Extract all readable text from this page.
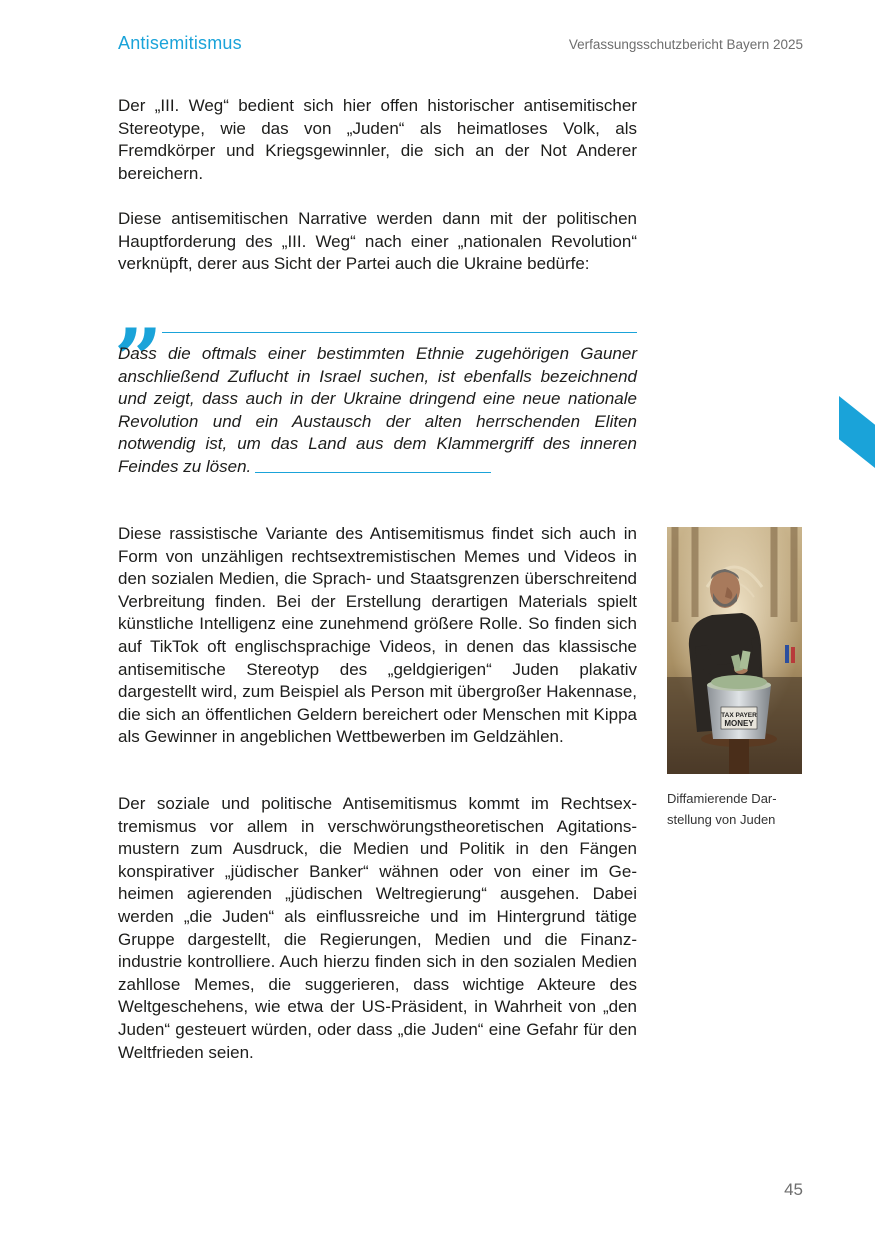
Antisemitismus	Verfassungsschutzbericht Bayern 2025

Der „III. Weg“ bedient sich hier offen historischer antisemitischer Stereotype, wie das von „Juden“ als heimatloses Volk, als Fremdkörper und Kriegsgewinnler, die sich an der Not Anderer bereichern.

Diese antisemitischen Narrative werden dann mit der politischen Hauptforderung des „III. Weg“ nach einer „nationalen Revolution“ verknüpft, derer aus Sicht der Partei auch die Ukraine bedürfe:

”
Dass die oftmals einer bestimmten Ethnie zugehörigen Gauner anschließend Zuflucht in Israel suchen, ist ebenfalls bezeichnend und zeigt, dass auch in der Ukraine dringend eine neue nationale Revolution und ein Austausch der alten herrschenden Eliten notwendig ist, um das Land aus dem Klammergriff des inneren Feindes zu lösen.

Diese rassistische Variante des Antisemitismus findet sich auch in Form von unzähligen rechtsextremistischen Memes und Videos in den sozialen Medien, die Sprach- und Staatsgrenzen überschreitend Verbreitung finden. Bei der Erstellung derartigen Materials spielt künstliche Intelligenz eine zunehmend größere Rolle. So finden sich auf TikTok oft englischsprachige Videos, in denen das klassische antisemitische Stereotyp des „geldgierigen“ Juden plakativ dargestellt wird, zum Beispiel als Person mit übergroßer Hakennase, die sich an öffentlichen Geldern bereichert oder Menschen mit Kippa als Gewinner in angeblichen Wettbewerben im Geldzählen.

Der soziale und politische Antisemitismus kommt im Rechtsextremismus vor allem in verschwörungstheoretischen Agitationsmustern zum Ausdruck, die Medien und Politik in den Fängen konspirativer „jüdischer Banker“ wähnen oder von einer im Geheimen agierenden „jüdischen Weltregierung“ ausgehen. Dabei werden „die Juden“ als einflussreiche und im Hintergrund tätige Gruppe dargestellt, die Regierungen, Medien und die Finanzindustrie kontrolliere. Auch hierzu finden sich in den sozialen Medien zahllose Memes, die suggerieren, dass wichtige Akteure des Weltgeschehens, wie etwa der US-Präsident, in Wahrheit von „den Juden“ gesteuert würden, oder dass „die Juden“ eine Gefahr für den Weltfrieden seien.

TAX PAYER
MONEY
Diffamierende Darstellung von Juden
45
